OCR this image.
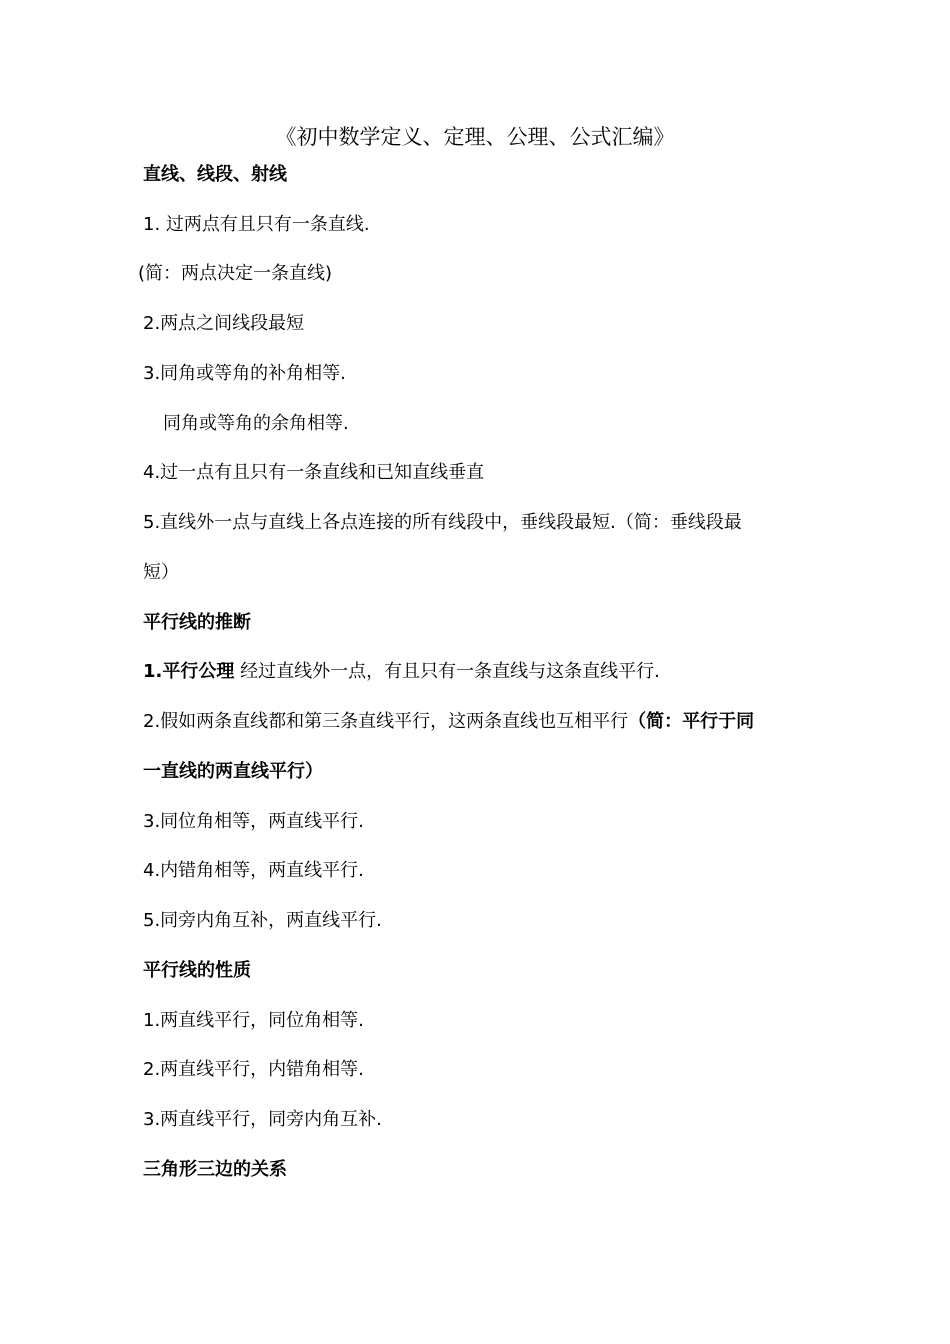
《初中数学定义、定理、公理、公式汇编》
直线、线段、射线
1. 过两点有且只有一条直线.
(简：两点决定一条直线)
2.两点之间线段最短
3.同角或等角的补角相等.
同角或等角的余角相等.
4.过一点有且只有一条直线和已知直线垂直
5.直线外一点与直线上各点连接的所有线段中，垂线段最短.（简：垂线段最
短）
平行线的推断
1.平行公理 经过直线外一点，有且只有一条直线与这条直线平行.
2.假如两条直线都和第三条直线平行，这两条直线也互相平行（简：平行于同
一直线的两直线平行）
3.同位角相等，两直线平行.
4.内错角相等，两直线平行.
5.同旁内角互补，两直线平行.
平行线的性质
1.两直线平行，同位角相等.
2.两直线平行，内错角相等.
3.两直线平行，同旁内角互补.
三角形三边的关系
